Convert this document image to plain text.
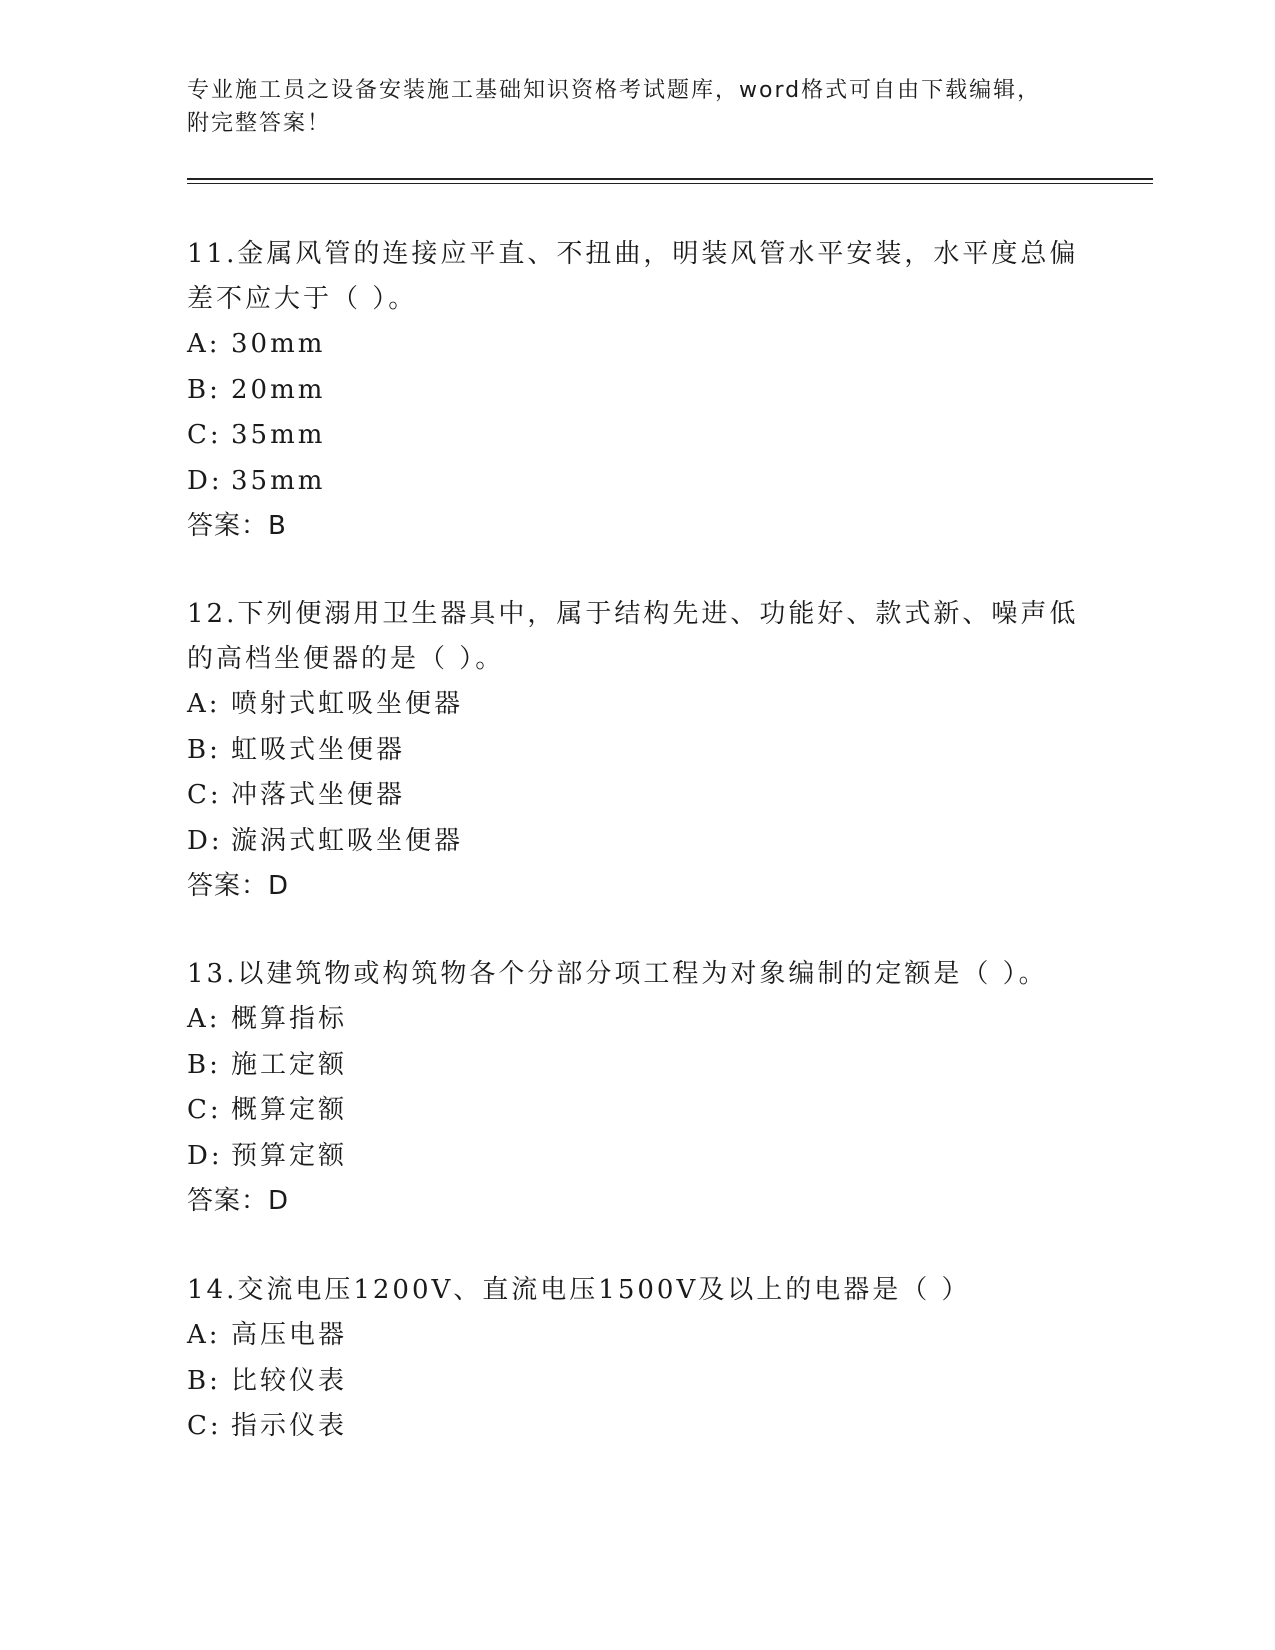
专业施工员之设备安装施工基础知识资格考试题库，word格式可自由下载编辑，
附完整答案！
11.金属风管的连接应平直、不扭曲，明装风管水平安装，水平度总偏
差不应大于（ ）。
A: 30mm
B: 20mm
C: 35mm
D: 35mm
答案：B
12.下列便溺用卫生器具中，属于结构先进、功能好、款式新、噪声低
的高档坐便器的是（ ）。
A: 喷射式虹吸坐便器
B: 虹吸式坐便器
C: 冲落式坐便器
D: 漩涡式虹吸坐便器
答案：D
13.以建筑物或构筑物各个分部分项工程为对象编制的定额是（ ）。
A: 概算指标
B: 施工定额
C: 概算定额
D: 预算定额
答案：D
14.交流电压1200V、直流电压1500V及以上的电器是（ ）
A: 高压电器
B: 比较仪表
C: 指示仪表
